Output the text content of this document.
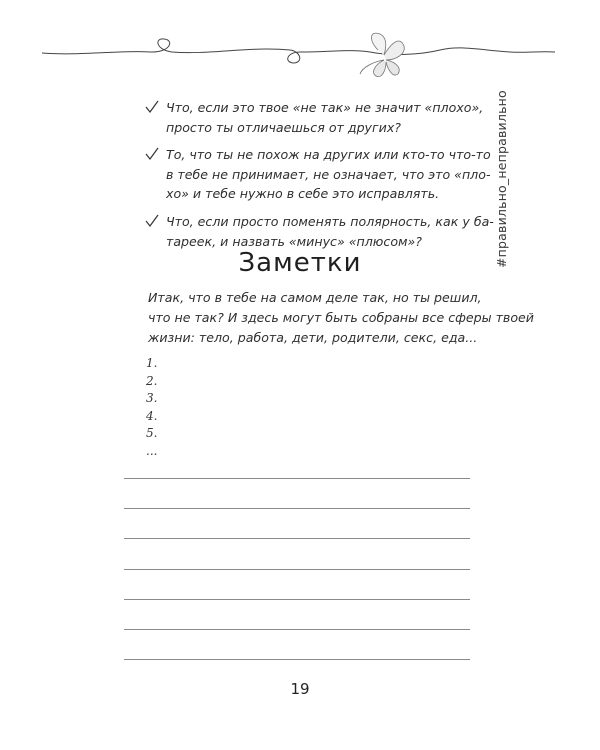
#правильно_неправильно
Что, если это твое «не так» не значит «плохо»,
просто ты отличаешься от других?
То, что ты не похож на других или кто-то что-то
в тебе не принимает, не означает, что это «пло-
хо» и тебе нужно в себе это исправлять.
Что, если просто поменять полярность, как у ба-
тареек, и назвать «минус» «плюсом»?
Заметки
Итак, что в тебе на самом деле так, но ты решил,
что не так? И здесь могут быть собраны все сферы твоей
жизни: тело, работа, дети, родители, секс, еда...
1.
2.
3.
4.
5.
...
19
